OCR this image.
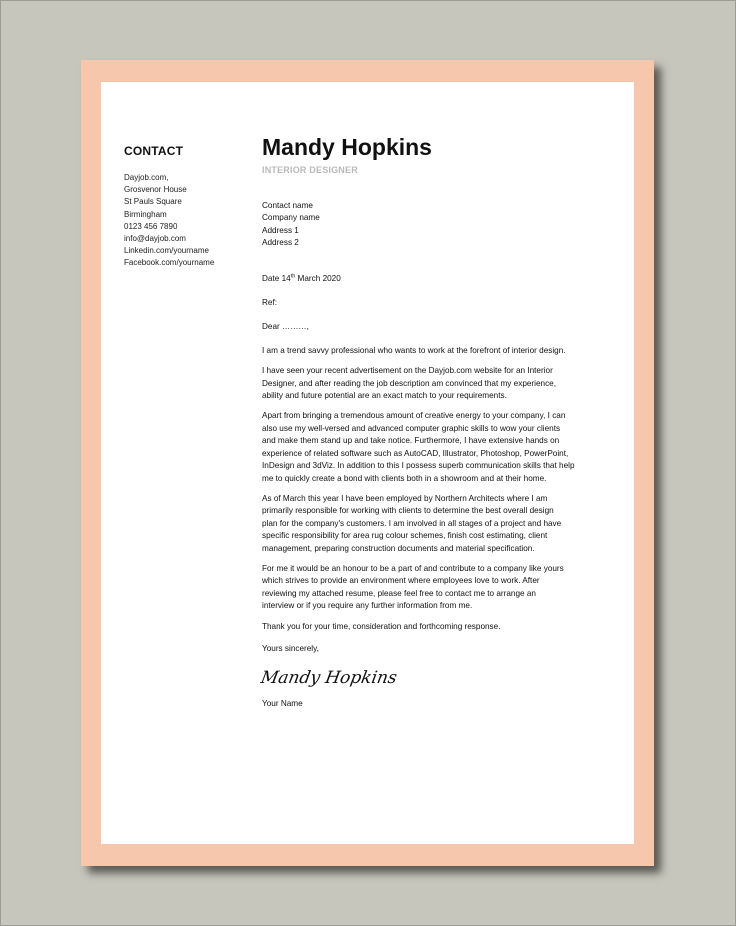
CONTACT
Dayjob.com,
Grosvenor House
St Pauls Square
Birmingham
0123 456 7890
info@dayjob.com
Linkedin.com/yourname
Facebook.com/yourname
Mandy Hopkins
INTERIOR DESIGNER
Contact name
Company name
Address 1
Address 2
Date 14th March 2020
Ref:
Dear ………,
I am a trend savvy professional who wants to work at the forefront of interior design.
I have seen your recent advertisement on the Dayjob.com website for an Interior
Designer, and after reading the job description am convinced that my experience,
ability and future potential are an exact match to your requirements.
Apart from bringing a tremendous amount of creative energy to your company, I can
also use my well-versed and advanced computer graphic skills to wow your clients
and make them stand up and take notice. Furthermore, I have extensive hands on
experience of related software such as AutoCAD, Illustrator, Photoshop, PowerPoint,
InDesign and 3dViz. In addition to this I possess superb communication skills that help
me to quickly create a bond with clients both in a showroom and at their home.
As of March this year I have been employed by Northern Architects where I am
primarily responsible for working with clients to determine the best overall design
plan for the company's customers. I am involved in all stages of a project and have
specific responsibility for area rug colour schemes, finish cost estimating, client
management, preparing construction documents and material specification.
For me it would be an honour to be a part of and contribute to a company like yours
which strives to provide an environment where employees love to work. After
reviewing my attached resume, please feel free to contact me to arrange an
interview or if you require any further information from me.
Thank you for your time, consideration and forthcoming response.
Yours sincerely,
Mandy Hopkins
Your Name
